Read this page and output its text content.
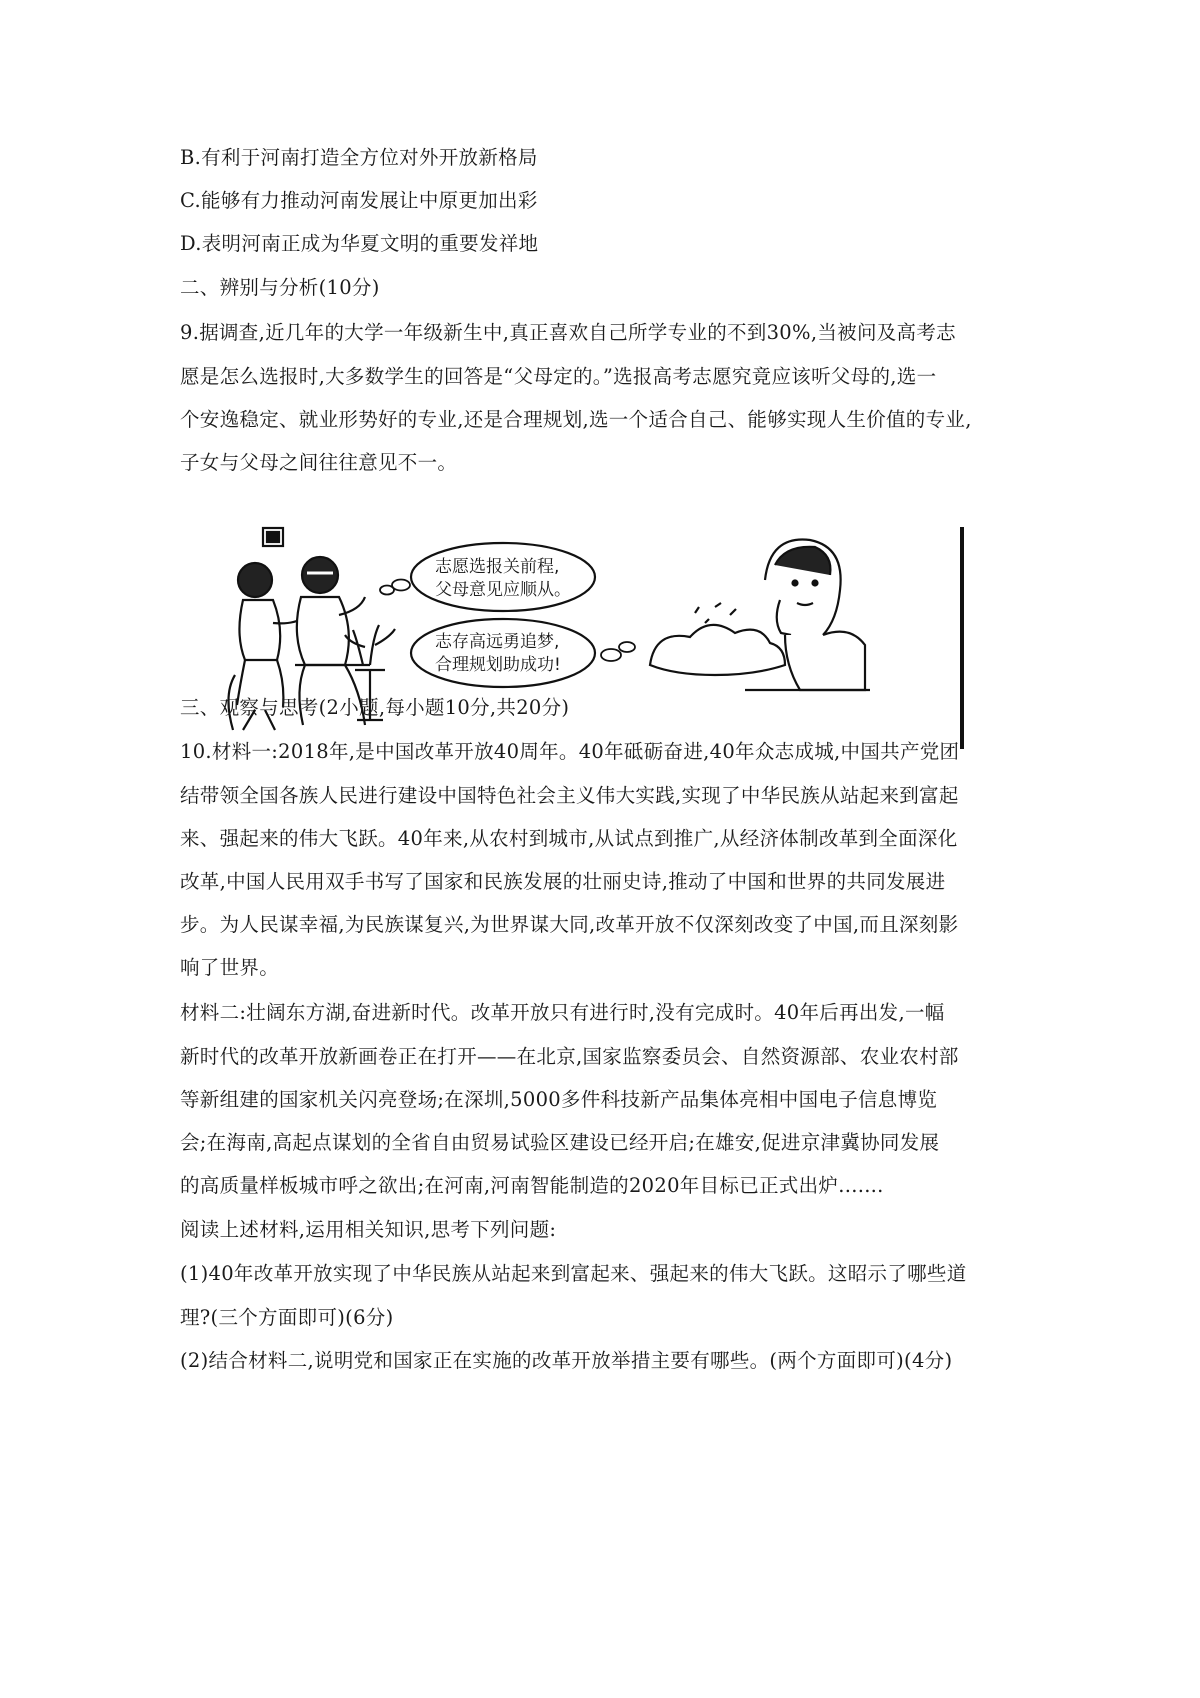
B.有利于河南打造全方位对外开放新格局
C.能够有力推动河南发展让中原更加出彩
D.表明河南正成为华夏文明的重要发祥地
二、辨别与分析(10分)
9.据调查,近几年的大学一年级新生中,真正喜欢自己所学专业的不到30%,当被问及高考志
愿是怎么选报时,大多数学生的回答是“父母定的。”选报高考志愿究竟应该听父母的,选一
个安逸稳定、就业形势好的专业,还是合理规划,选一个适合自己、能够实现人生价值的专业,
子女与父母之间往往意见不一。
志愿选报关前程,
父母意见应顺从。
志存高远勇追梦,
合理规划助成功!
三、观察与思考(2小题,每小题10分,共20分)
10.材料一:2018年,是中国改革开放40周年。40年砥砺奋进,40年众志成城,中国共产党团
结带领全国各族人民进行建设中国特色社会主义伟大实践,实现了中华民族从站起来到富起
来、强起来的伟大飞跃。40年来,从农村到城市,从试点到推广,从经济体制改革到全面深化
改革,中国人民用双手书写了国家和民族发展的壮丽史诗,推动了中国和世界的共同发展进
步。为人民谋幸福,为民族谋复兴,为世界谋大同,改革开放不仅深刻改变了中国,而且深刻影
响了世界。
材料二:壮阔东方湖,奋进新时代。改革开放只有进行时,没有完成时。40年后再出发,一幅
新时代的改革开放新画卷正在打开——在北京,国家监察委员会、自然资源部、农业农村部
等新组建的国家机关闪亮登场;在深圳,5000多件科技新产品集体亮相中国电子信息博览
会;在海南,高起点谋划的全省自由贸易试验区建设已经开启;在雄安,促进京津冀协同发展
的高质量样板城市呼之欲出;在河南,河南智能制造的2020年目标已正式出炉.......
阅读上述材料,运用相关知识,思考下列问题:
(1)40年改革开放实现了中华民族从站起来到富起来、强起来的伟大飞跃。这昭示了哪些道
理?(三个方面即可)(6分)
(2)结合材料二,说明党和国家正在实施的改革开放举措主要有哪些。(两个方面即可)(4分)
